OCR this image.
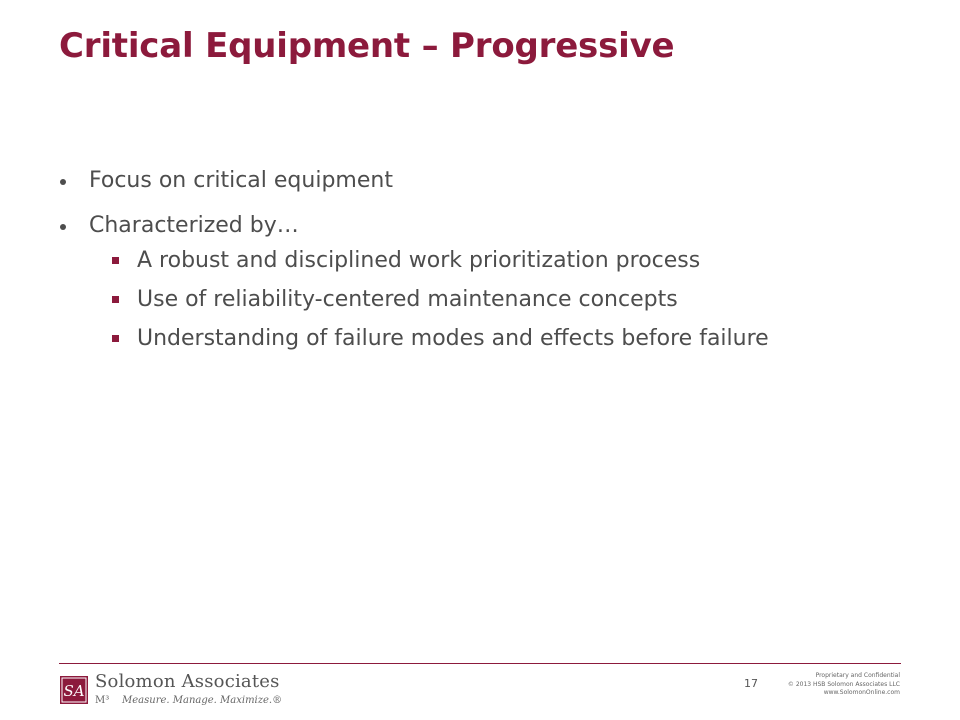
Critical Equipment – Progressive
Focus on critical equipment
Characterized by…
A robust and disciplined work prioritization process
Use of reliability-centered maintenance concepts
Understanding of failure modes and effects before failure
SA Solomon Associates
M³ Measure. Manage. Maximize.®
17
Proprietary and Confidential
© 2013 HSB Solomon Associates LLC
www.SolomonOnline.com
